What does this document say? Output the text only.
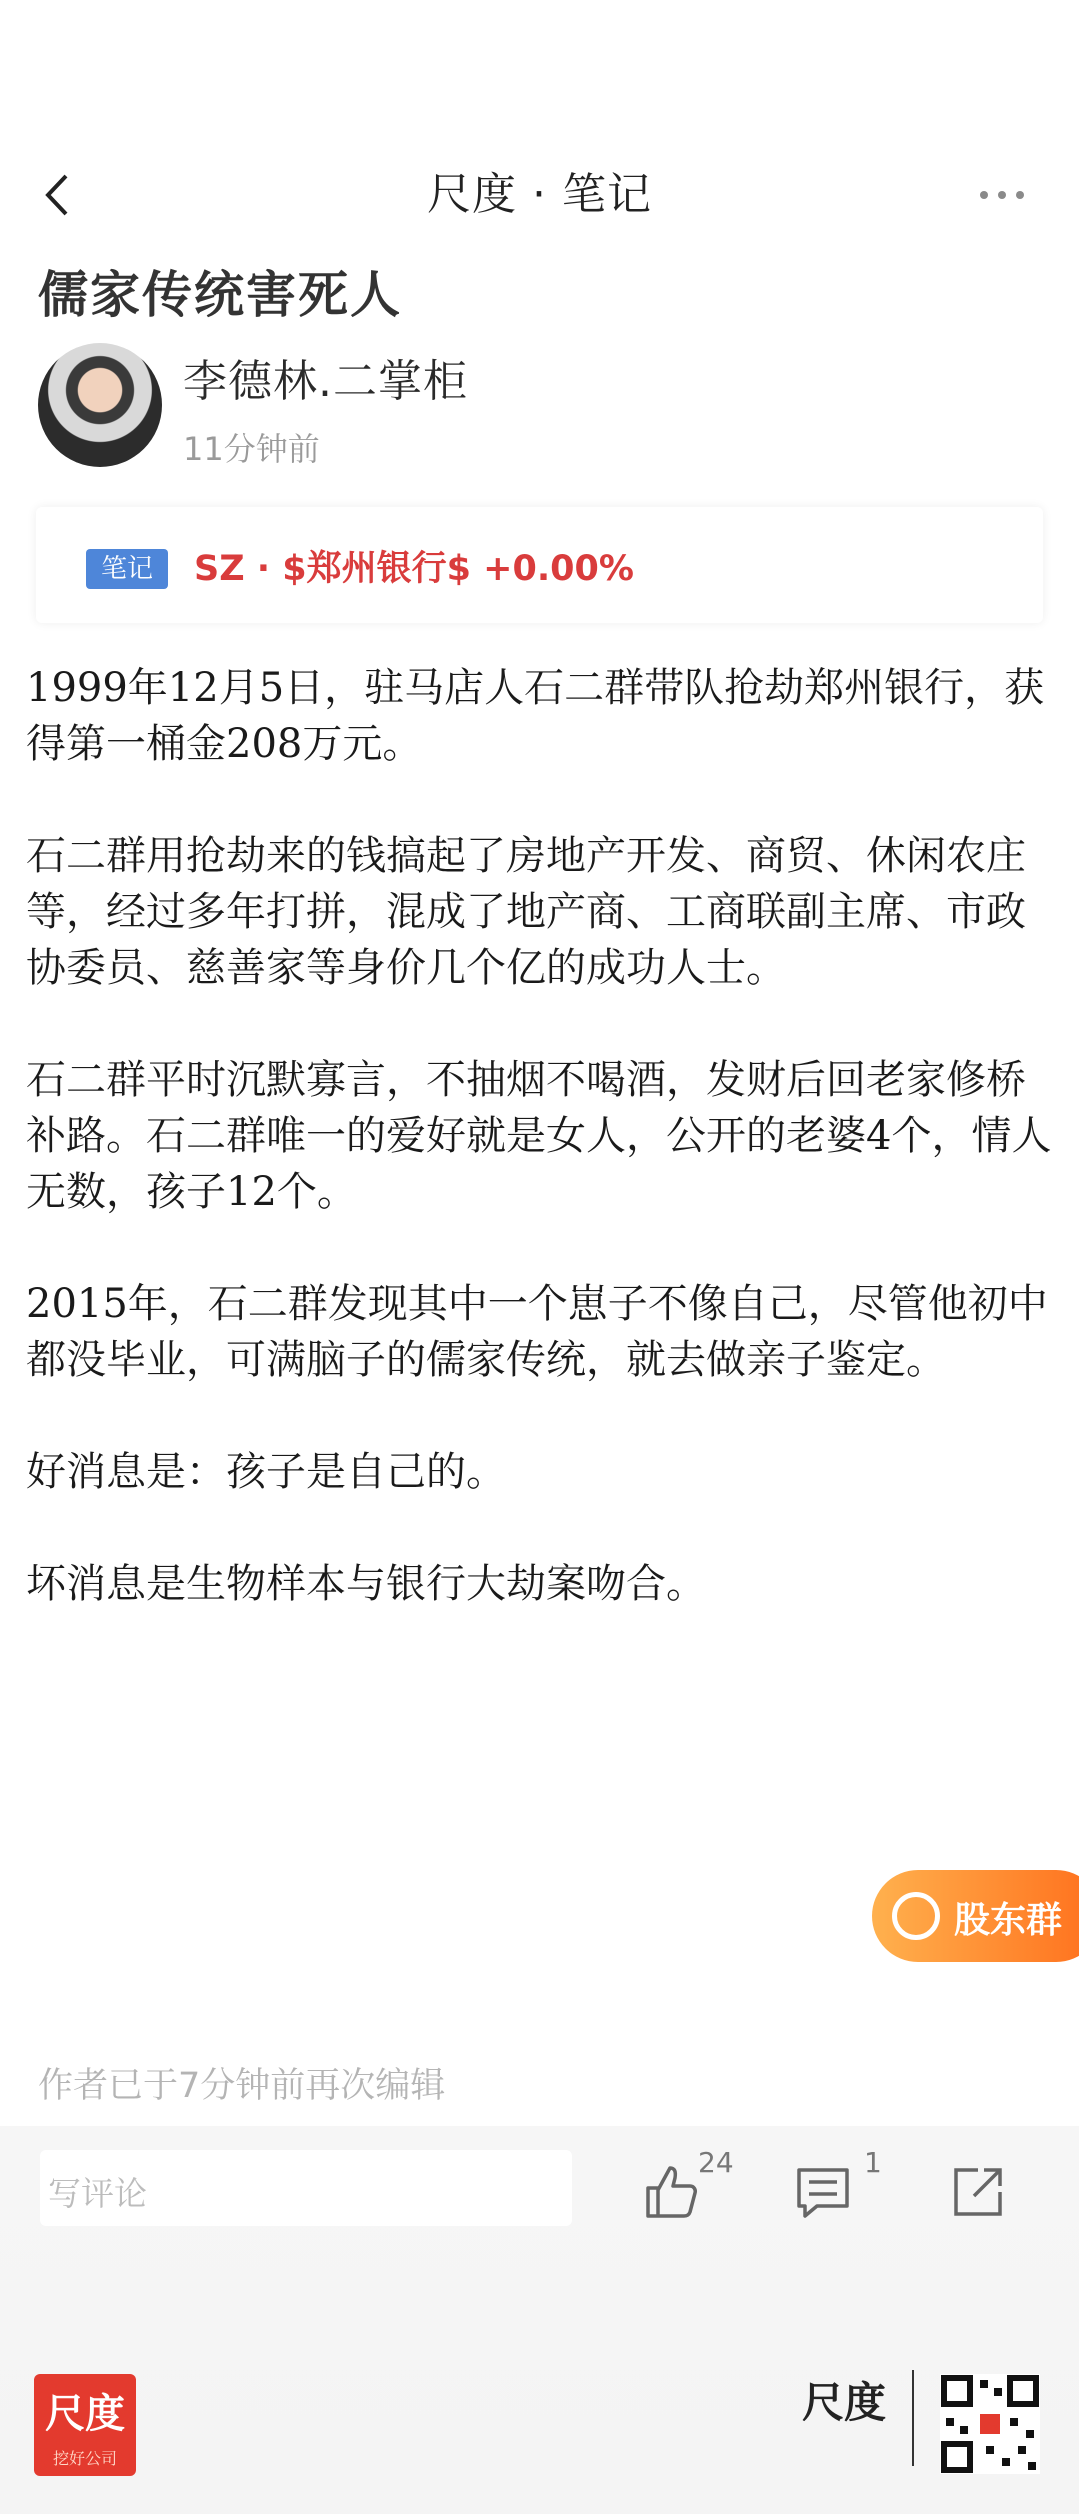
尺度 · 笔记
儒家传统害死人
李德林.二掌柜
11分钟前
笔记	SZ · $郑州银行$ +0.00%

1999年12月5日，驻马店人石二群带队抢劫郑州银行，获得第一桶金208万元。

石二群用抢劫来的钱搞起了房地产开发、商贸、休闲农庄等，经过多年打拼，混成了地产商、工商联副主席、市政协委员、慈善家等身价几个亿的成功人士。

石二群平时沉默寡言，不抽烟不喝酒，发财后回老家修桥补路。石二群唯一的爱好就是女人，公开的老婆4个，情人无数，孩子12个。

2015年，石二群发现其中一个崽子不像自己，尽管他初中都没毕业，可满脑子的儒家传统，就去做亲子鉴定。

好消息是：孩子是自己的。

坏消息是生物样本与银行大劫案吻合。

股东群
作者已于7分钟前再次编辑
写评论
24	1
尺度
挖好公司
尺度
